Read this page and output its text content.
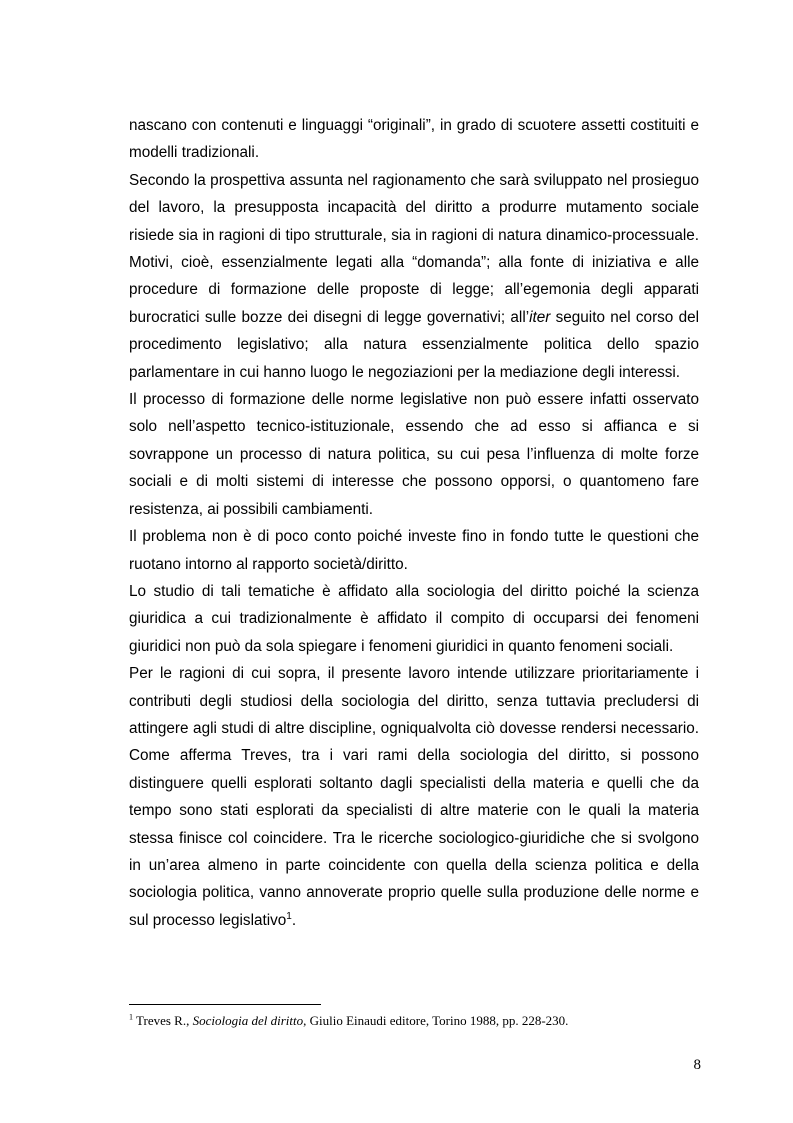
nascano con contenuti e linguaggi “originali”, in grado di scuotere assetti costituiti e modelli tradizionali.

Secondo la prospettiva assunta nel ragionamento che sarà sviluppato nel prosieguo del lavoro, la presupposta incapacità del diritto a produrre mutamento sociale risiede sia in ragioni di tipo strutturale, sia in ragioni di natura dinamico-processuale. Motivi, cioè, essenzialmente legati alla “domanda”; alla fonte di iniziativa e alle procedure di formazione delle proposte di legge; all’egemonia degli apparati burocratici sulle bozze dei disegni di legge governativi; all’iter seguito nel corso del procedimento legislativo; alla natura essenzialmente politica dello spazio parlamentare in cui hanno luogo le negoziazioni per la mediazione degli interessi.

Il processo di formazione delle norme legislative non può essere infatti osservato solo nell’aspetto tecnico-istituzionale, essendo che ad esso si affianca e si sovrappone un processo di natura politica, su cui pesa l’influenza di molte forze sociali e di molti sistemi di interesse che possono opporsi, o quantomeno fare resistenza, ai possibili cambiamenti.

Il problema non è di poco conto poiché investe fino in fondo tutte le questioni che ruotano intorno al rapporto società/diritto.

Lo studio di tali tematiche è affidato alla sociologia del diritto poiché la scienza giuridica a cui tradizionalmente è affidato il compito di occuparsi dei fenomeni giuridici non può da sola spiegare i fenomeni giuridici in quanto fenomeni sociali.

Per le ragioni di cui sopra, il presente lavoro intende utilizzare prioritariamente i contributi degli studiosi della sociologia del diritto, senza tuttavia precludersi di attingere agli studi di altre discipline, ogniqualvolta ciò dovesse rendersi necessario. Come afferma Treves, tra i vari rami della sociologia del diritto, si possono distinguere quelli esplorati soltanto dagli specialisti della materia e quelli che da tempo sono stati esplorati da specialisti di altre materie con le quali la materia stessa finisce col coincidere. Tra le ricerche sociologico-giuridiche che si svolgono in un’area almeno in parte coincidente con quella della scienza politica e della sociologia politica, vanno annoverate proprio quelle sulla produzione delle norme e sul processo legislativo$^1$.

$^1$ Treves R., Sociologia del diritto, Giulio Einaudi editore, Torino 1988, pp. 228-230.
8
